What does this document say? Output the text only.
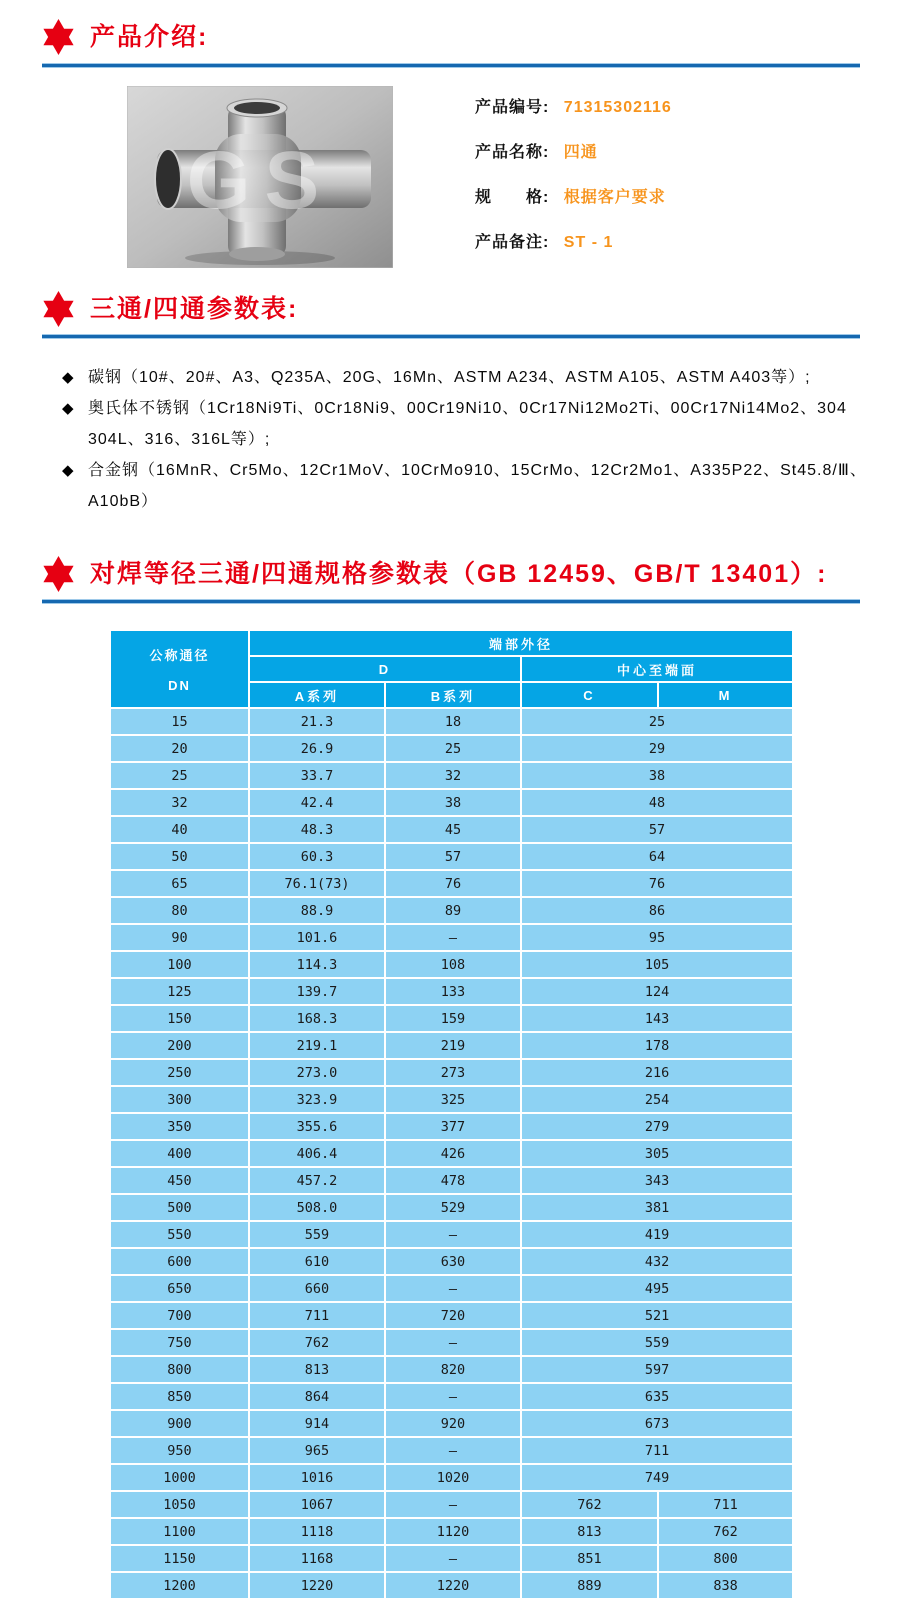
产品介绍:
GS
产品编号: 71315302116
产品名称: 四通
规　　格: 根据客户要求
产品备注: ST - 1
三通/四通参数表:
◆ 碳钢（10#、20#、A3、Q235A、20G、16Mn、ASTM A234、ASTM A105、ASTM A403等）;
◆ 奥氏体不锈钢（1Cr18Ni9Ti、0Cr18Ni9、00Cr19Ni10、0Cr17Ni12Mo2Ti、00Cr17Ni14Mo2、304
304L、316、316L等）;
◆ 合金钢（16MnR、Cr5Mo、12Cr1MoV、10CrMo910、15CrMo、12Cr2Mo1、A335P22、St45.8/Ⅲ、
A10bB）
对焊等径三通/四通规格参数表（GB 12459、GB/T 13401）:
公称通径
DN	端部外径			
	D		中心至端面	
	A系列	B系列	C	M
15	21.3	18	25	
20	26.9	25	29	
25	33.7	32	38	
32	42.4	38	48	
40	48.3	45	57	
50	60.3	57	64	
65	76.1(73)	76	76	
80	88.9	89	86	
90	101.6	—	95	
100	114.3	108	105	
125	139.7	133	124	
150	168.3	159	143	
200	219.1	219	178	
250	273.0	273	216	
300	323.9	325	254	
350	355.6	377	279	
400	406.4	426	305	
450	457.2	478	343	
500	508.0	529	381	
550	559	—	419	
600	610	630	432	
650	660	—	495	
700	711	720	521	
750	762	—	559	
800	813	820	597	
850	864	—	635	
900	914	920	673	
950	965	—	711	
1000	1016	1020	749	
1050	1067	—	762	711
1100	1118	1120	813	762
1150	1168	—	851	800
1200	1220	1220	889	838
